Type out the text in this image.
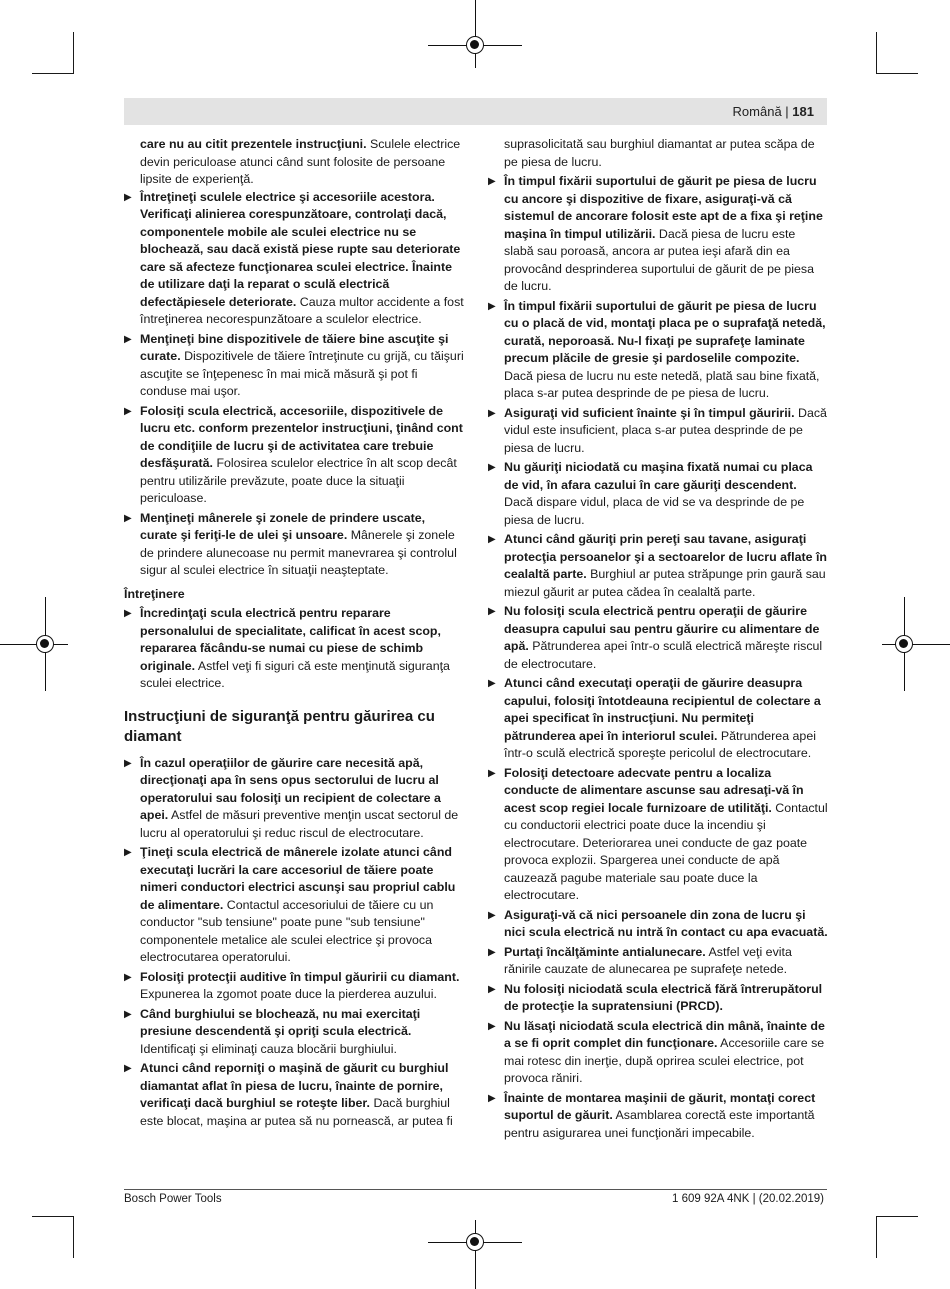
Română | 181

care nu au citit prezentele instrucţiuni. Sculele electrice devin periculoase atunci când sunt folosite de persoane lipsite de experienţă.

▶ Întreţineţi sculele electrice şi accesoriile acestora. Verificaţi alinierea corespunzătoare, controlaţi dacă, componentele mobile ale sculei electrice nu se blochează, sau dacă există piese rupte sau deteriorate care să afecteze funcţionarea sculei electrice. Înainte de utilizare daţi la reparat o sculă electrică defectăpiesele deteriorate. Cauza multor accidente a fost întreţinerea necorespunzătoare a sculelor electrice.
▶ Menţineţi bine dispozitivele de tăiere bine ascuţite şi curate. Dispozitivele de tăiere întreţinute cu grijă, cu tăişuri ascuţite se înţepenesc în mai mică măsură şi pot fi conduse mai uşor.
▶ Folosiţi scula electrică, accesoriile, dispozitivele de lucru etc. conform prezentelor instrucţiuni, ţinând cont de condiţiile de lucru şi de activitatea care trebuie desfăşurată. Folosirea sculelor electrice în alt scop decât pentru utilizările prevăzute, poate duce la situaţii periculoase.
▶ Menţineţi mânerele şi zonele de prindere uscate, curate şi feriţi-le de ulei şi unsoare. Mânerele şi zonele de prindere alunecoase nu permit manevrarea şi controlul sigur al sculei electrice în situaţii neaşteptate.
Întreţinere
▶ Încredinţaţi scula electrică pentru reparare personalului de specialitate, calificat în acest scop, repararea făcându-se numai cu piese de schimb originale. Astfel veţi fi siguri că este menţinută siguranţa sculei electrice.
Instrucţiuni de siguranţă pentru găurirea cu diamant
▶ În cazul operaţiilor de găurire care necesită apă, direcţionaţi apa în sens opus sectorului de lucru al operatorului sau folosiţi un recipient de colectare a apei. Astfel de măsuri preventive menţin uscat sectorul de lucru al operatorului şi reduc riscul de electrocutare.
▶ Ţineţi scula electrică de mânerele izolate atunci când executaţi lucrări la care accesoriul de tăiere poate nimeri conductori electrici ascunşi sau propriul cablu de alimentare. Contactul accesoriului de tăiere cu un conductor "sub tensiune" poate pune "sub tensiune" componentele metalice ale sculei electrice şi provoca electrocutarea operatorului.
▶ Folosiţi protecţii auditive în timpul găuririi cu diamant. Expunerea la zgomot poate duce la pierderea auzului.
▶ Când burghiului se blochează, nu mai exercitaţi presiune descendentă şi opriţi scula electrică. Identificaţi şi eliminaţi cauza blocării burghiului.
▶ Atunci când reporniţi o maşină de găurit cu burghiul diamantat aflat în piesa de lucru, înainte de pornire, verificaţi dacă burghiul se roteşte liber. Dacă burghiul este blocat, maşina ar putea să nu pornească, ar putea fi

suprasolicitată sau burghiul diamantat ar putea scăpa de pe piesa de lucru.

▶ În timpul fixării suportului de găurit pe piesa de lucru cu ancore şi dispozitive de fixare, asiguraţi-vă că sistemul de ancorare folosit este apt de a fixa şi reţine maşina în timpul utilizării. Dacă piesa de lucru este slabă sau poroasă, ancora ar putea ieşi afară din ea provocând desprinderea suportului de găurit de pe piesa de lucru.
▶ În timpul fixării suportului de găurit pe piesa de lucru cu o placă de vid, montaţi placa pe o suprafaţă netedă, curată, neporoasă. Nu-l fixaţi pe suprafeţe laminate precum plăcile de gresie şi pardoselile compozite. Dacă piesa de lucru nu este netedă, plată sau bine fixată, placa s-ar putea desprinde de pe piesa de lucru.
▶ Asiguraţi vid suficient înainte şi în timpul găuririi. Dacă vidul este insuficient, placa s-ar putea desprinde de pe piesa de lucru.
▶ Nu găuriţi niciodată cu maşina fixată numai cu placa de vid, în afara cazului în care găuriţi descendent. Dacă dispare vidul, placa de vid se va desprinde de pe piesa de lucru.
▶ Atunci când găuriţi prin pereţi sau tavane, asiguraţi protecţia persoanelor şi a sectoarelor de lucru aflate în cealaltă parte. Burghiul ar putea străpunge prin gaură sau miezul găurit ar putea cădea în cealaltă parte.
▶ Nu folosiţi scula electrică pentru operaţii de găurire deasupra capului sau pentru găurire cu alimentare de apă. Pătrunderea apei într-o sculă electrică măreşte riscul de electrocutare.
▶ Atunci când executaţi operaţii de găurire deasupra capului, folosiţi întotdeauna recipientul de colectare a apei specificat în instrucţiuni. Nu permiteţi pătrunderea apei în interiorul sculei. Pătrunderea apei într-o sculă electrică sporeşte pericolul de electrocutare.
▶ Folosiţi detectoare adecvate pentru a localiza conducte de alimentare ascunse sau adresaţi-vă în acest scop regiei locale furnizoare de utilităţi. Contactul cu conductorii electrici poate duce la incendiu şi electrocutare. Deteriorarea unei conducte de gaz poate provoca explozii. Spargerea unei conducte de apă cauzează pagube materiale sau poate duce la electrocutare.
▶ Asiguraţi-vă că nici persoanele din zona de lucru şi nici scula electrică nu intră în contact cu apa evacuată.
▶ Purtaţi încălţăminte antialunecare. Astfel veţi evita rănirile cauzate de alunecarea pe suprafeţe netede.
▶ Nu folosiţi niciodată scula electrică fără întrerupătorul de protecţie la supratensiuni (PRCD).
▶ Nu lăsaţi niciodată scula electrică din mână, înainte de a se fi oprit complet din funcţionare. Accesoriile care se mai rotesc din inerţie, după oprirea sculei electrice, pot provoca răniri.
▶ Înainte de montarea maşinii de găurit, montaţi corect suportul de găurit. Asamblarea corectă este importantă pentru asigurarea unei funcţionări impecabile.
Bosch Power Tools	1 609 92A 4NK | (20.02.2019)
